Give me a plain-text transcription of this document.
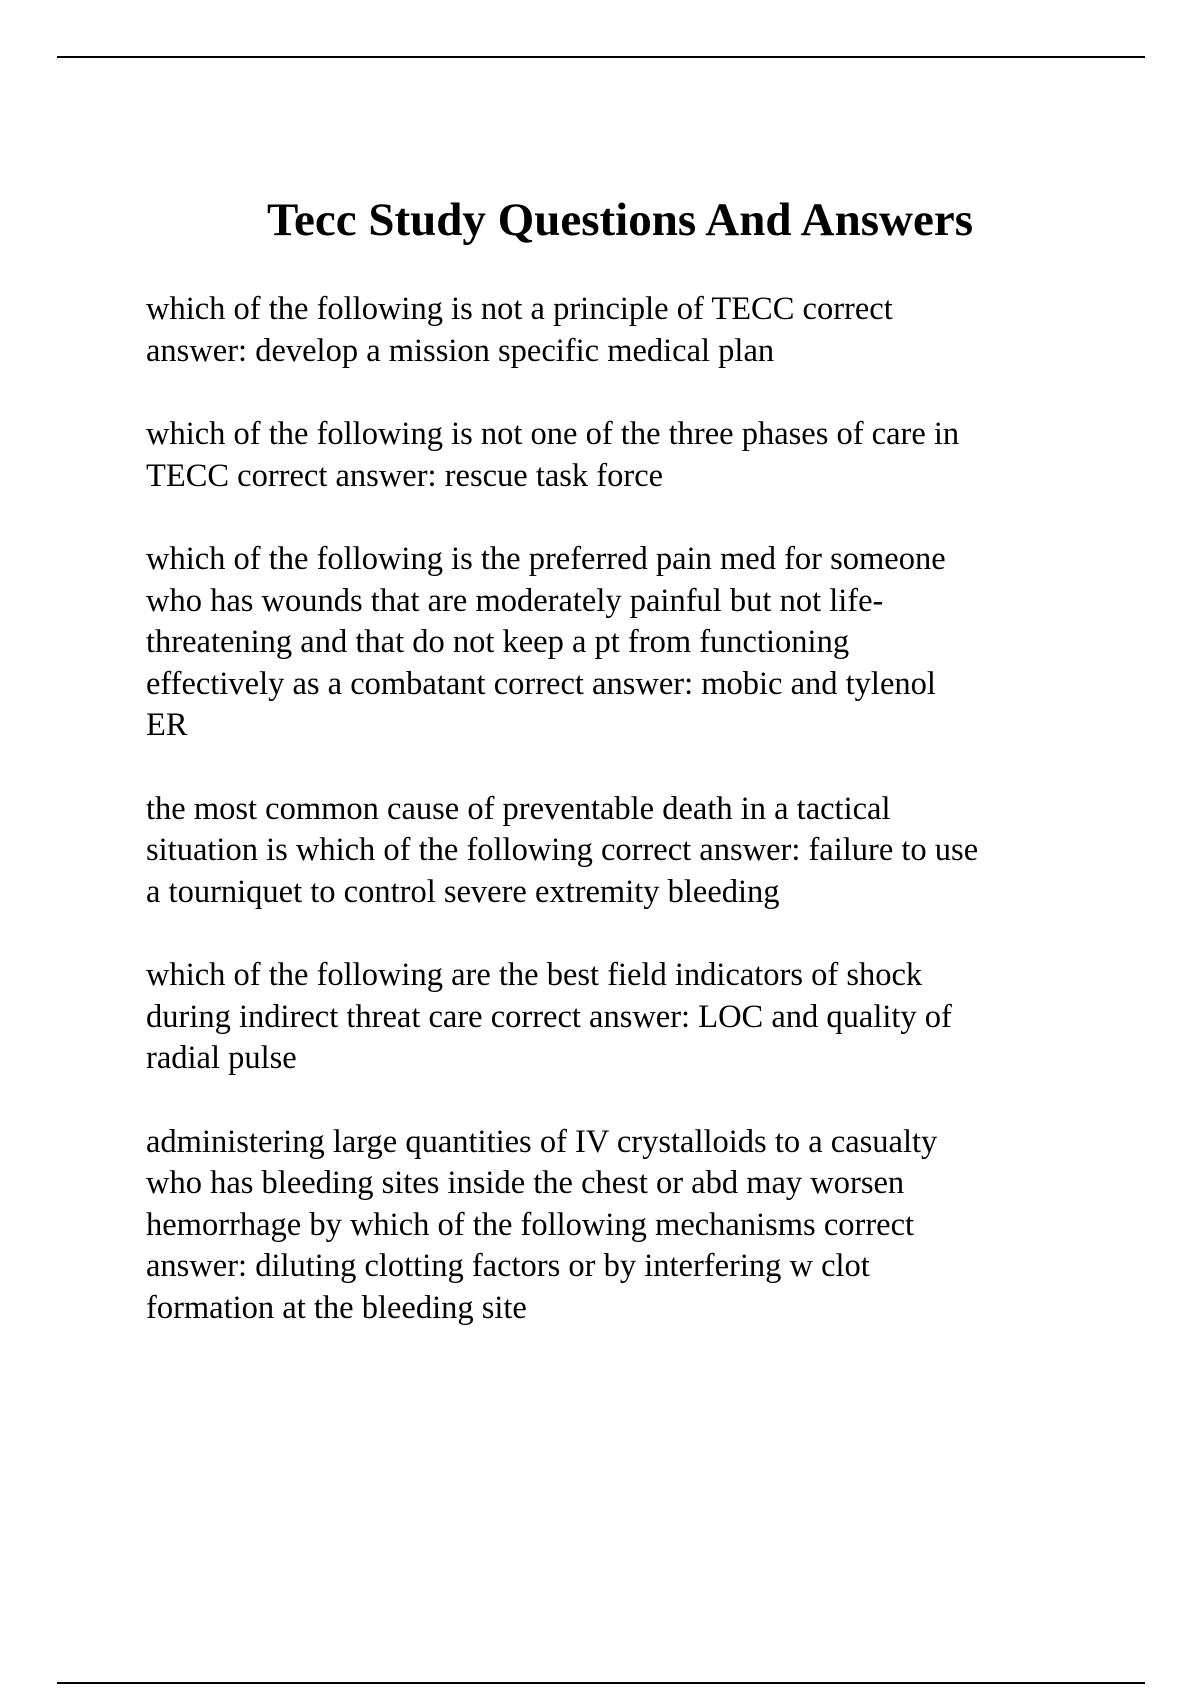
Tecc Study Questions And Answers

which of the following is not a principle of TECC correct
answer: develop a mission specific medical plan

which of the following is not one of the three phases of care in
TECC correct answer: rescue task force

which of the following is the preferred pain med for someone
who has wounds that are moderately painful but not life-
threatening and that do not keep a pt from functioning
effectively as a combatant correct answer: mobic and tylenol
ER

the most common cause of preventable death in a tactical
situation is which of the following correct answer: failure to use
a tourniquet to control severe extremity bleeding

which of the following are the best field indicators of shock
during indirect threat care correct answer: LOC and quality of
radial pulse

administering large quantities of IV crystalloids to a casualty
who has bleeding sites inside the chest or abd may worsen
hemorrhage by which of the following mechanisms correct
answer: diluting clotting factors or by interfering w clot
formation at the bleeding site
